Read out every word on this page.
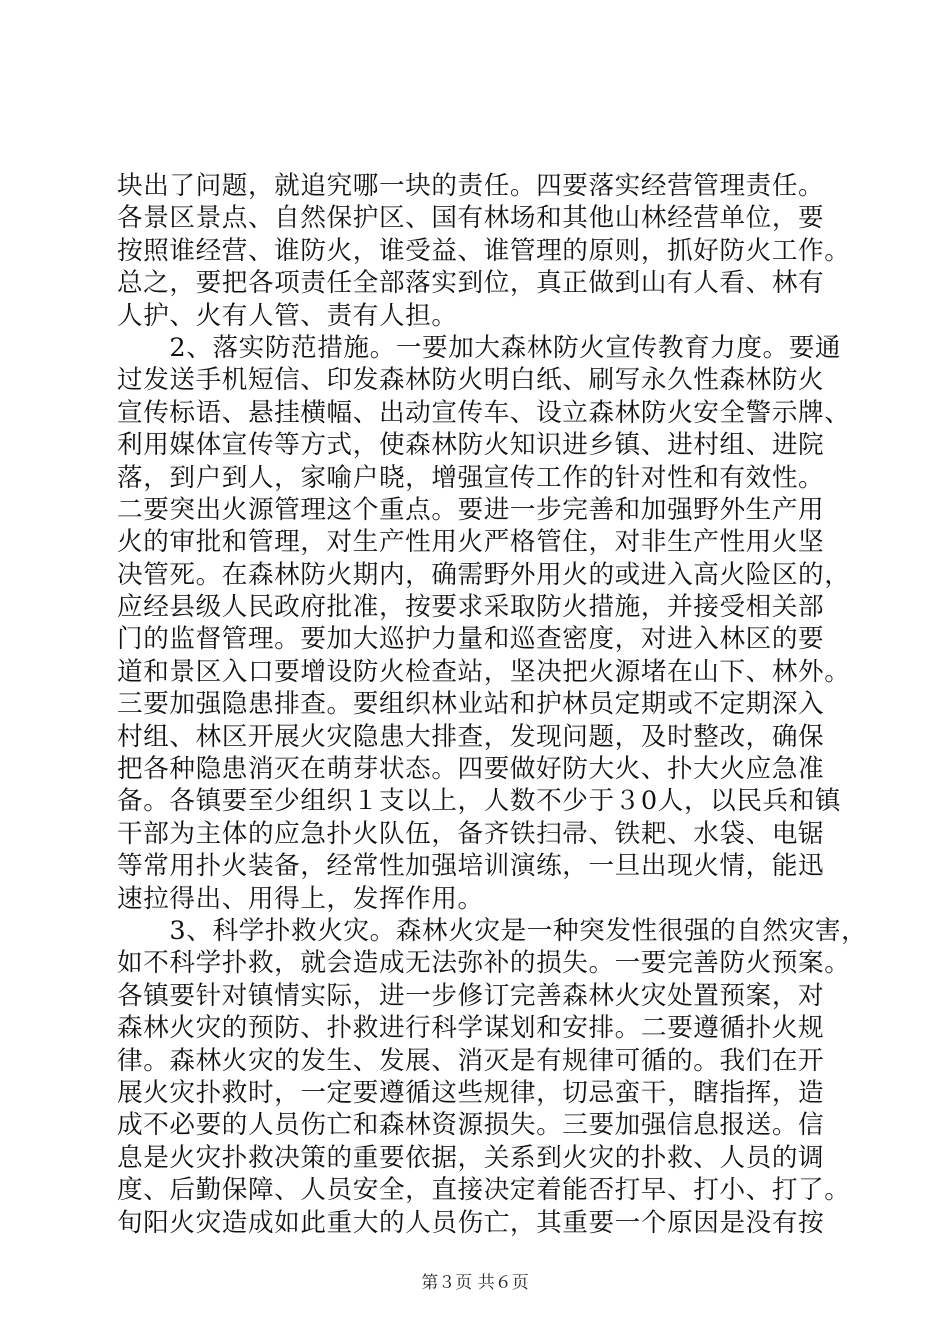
块出了问题，就追究哪一块的责任。四要落实经营管理责任。
各景区景点、自然保护区、国有林场和其他山林经营单位，要
按照谁经营、谁防火，谁受益、谁管理的原则，抓好防火工作。
总之，要把各项责任全部落实到位，真正做到山有人看、林有
人护、火有人管、责有人担。
　　2、落实防范措施。一要加大森林防火宣传教育力度。要通
过发送手机短信、印发森林防火明白纸、刷写永久性森林防火
宣传标语、悬挂横幅、出动宣传车、设立森林防火安全警示牌、
利用媒体宣传等方式，使森林防火知识进乡镇、进村组、进院
落，到户到人，家喻户晓，增强宣传工作的针对性和有效性。
二要突出火源管理这个重点。要进一步完善和加强野外生产用
火的审批和管理，对生产性用火严格管住，对非生产性用火坚
决管死。在森林防火期内，确需野外用火的或进入高火险区的，
应经县级人民政府批准，按要求采取防火措施，并接受相关部
门的监督管理。要加大巡护力量和巡查密度，对进入林区的要
道和景区入口要增设防火检查站，坚决把火源堵在山下、林外。
三要加强隐患排查。要组织林业站和护林员定期或不定期深入
村组、林区开展火灾隐患大排查，发现问题，及时整改，确保
把各种隐患消灭在萌芽状态。四要做好防大火、扑大火应急准
备。各镇要至少组织１支以上，人数不少于３0人，以民兵和镇
干部为主体的应急扑火队伍，备齐铁扫帚、铁耙、水袋、电锯
等常用扑火装备，经常性加强培训演练，一旦出现火情，能迅
速拉得出、用得上，发挥作用。
　　3、科学扑救火灾。森林火灾是一种突发性很强的自然灾害，
如不科学扑救，就会造成无法弥补的损失。一要完善防火预案。
各镇要针对镇情实际，进一步修订完善森林火灾处置预案，对
森林火灾的预防、扑救进行科学谋划和安排。二要遵循扑火规
律。森林火灾的发生、发展、消灭是有规律可循的。我们在开
展火灾扑救时，一定要遵循这些规律，切忌蛮干，瞎指挥，造
成不必要的人员伤亡和森林资源损失。三要加强信息报送。信
息是火灾扑救决策的重要依据，关系到火灾的扑救、人员的调
度、后勤保障、人员安全，直接决定着能否打早、打小、打了。
旬阳火灾造成如此重大的人员伤亡，其重要一个原因是没有按
第３页 共６页
